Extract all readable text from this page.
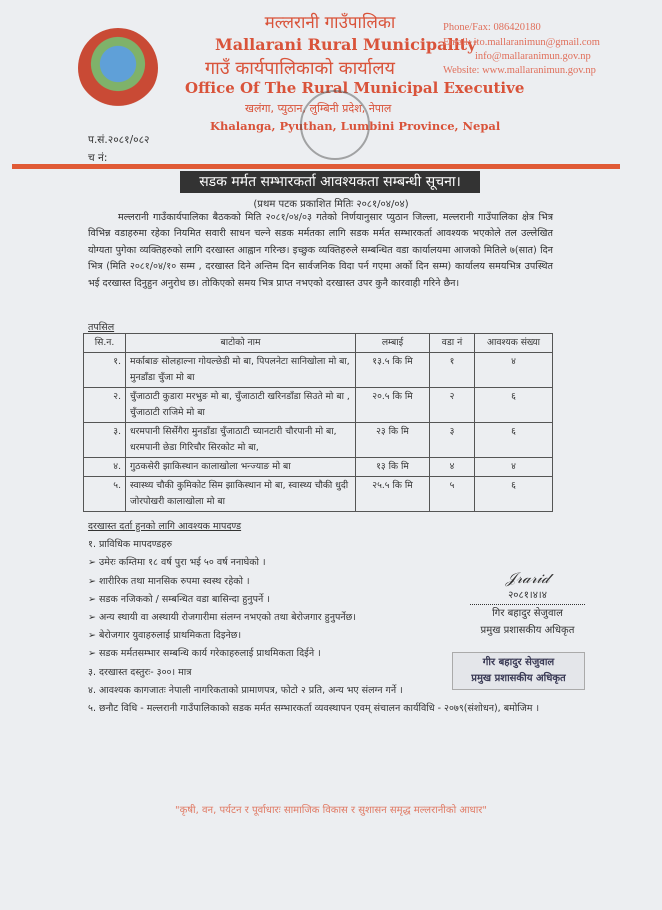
मल्लरानी गाउँपालिका
Mallarani Rural Municipality
गाउँ कार्यपालिकाको कार्यालय
Office Of The Rural Municipal Executive
खलंगा, प्युठान, लुम्बिनी प्रदेश, नेपाल
Khalanga, Pyuthan, Lumbini Province, Nepal
Phone/Fax: 086420180
Email: ito.mallaranimun@gmail.com
info@mallaranimun.gov.np
Website: www.mallaranimun.gov.np
प.सं.२०८१/०८२
च नं:
सडक मर्मत सम्भारकर्ता आवश्यकता सम्बन्धी सूचना।
(प्रथम पटक प्रकाशित मितिः २०८१/०४/०४)
मल्लरानी गाउँकार्यपालिका बैठकको मिति २०८१/०४/०३ गतेको निर्णयानुसार प्युठान जिल्ला, मल्लरानी गाउँपालिका क्षेत्र भित्र विभिन्न वडाहरुमा रहेका नियमित सवारी साधन चल्ने सडक मर्मतका लागि सडक मर्मत सम्भारकर्ता आवश्यक भएकोले तल उल्लेखित योग्यता पुगेका व्यक्तिहरुको लागि दरखास्त आह्वान गरिन्छ। इच्छुक व्यक्तिहरुले सम्बन्धित वडा कार्यालयमा आजको मितिले ७(सात) दिन भित्र (मिति २०८१/०४/१० सम्म , दरखास्त दिने अन्तिम दिन सार्वजनिक विदा पर्न गएमा अर्को दिन सम्म) कार्यालय समयभित्र उपस्थित भई दरखास्त दिनुहुन अनुरोध छ। तोकिएको समय भित्र प्राप्त नभएको दरखास्त उपर कुनै कारवाही गरिने छैन।
तपसिल
सि.न.	बाटोको नाम	लम्बाई	वडा नं	आवश्यक संख्या
१.	मर्काबाङ सोलहाल्ना गोयल्छेडी मो बा, पिपलनेटा सानिखोला मो बा, मुनडाँडा चुँजा मो बा	१३.५ कि मि	१	४
२.	चुँजाठाटी कुडारा मरभुङ मो बा, चुँजाठाटी खरिनडाँडा सिउते मो बा , चुँजाठाटी राजिमे मो बा	२०.५ कि मि	२	६
३.	धरमपानी सिर्सेगैरा मुनडाँडा चुँजाठाटी च्यानटारी चौरपानी मो बा, धरमपानी छेडा गिरिचौर सिरकोट मो बा,	२३ कि मि	३	६
४.	गुठकसेरी झाकिस्थान कालाखोला भन्ज्याङ मो बा	१३ कि मि	४	४
५.	स्वास्थ्य चौकी कुमिकोट सिम झाकिस्थान मो बा, स्वास्थ्य चौकी धुदी जोरपोखरी कालाखोला मो बा	२५.५ कि मि	५	६
दरखास्त दर्ता हुनको लागि आवश्यक मापदण्ड
१. प्राविधिक मापदण्डहरु
➢ उमेरः कम्तिमा १८ वर्ष पुरा भई ५० वर्ष ननाघेको ।
➢ शारीरिक तथा मानसिक रुपमा स्वस्थ रहेको ।
➢ सडक नजिकको / सम्बन्धित वडा बासिन्दा हुनुपर्ने ।
➢ अन्य स्थायी वा अस्थायी रोजगारीमा संलग्न नभएको तथा बेरोजगार हुनुपर्नेछ।
➢ बेरोजगार युवाहरुलाई प्राथमिकता दिइनेछ।
➢ सडक मर्मतसम्भार सम्बन्धि कार्य गरेकाहरुलाई प्राथमिकता दिईने ।
३. दरखास्त दस्तुरः- ३००। मात्र
४. आवश्यक कागजातः नेपाली नागरिकताको प्रामाणपत्र, फोटो २ प्रति, अन्य भए संलग्न गर्ने ।
५. छनौट विधि - मल्लरानी गाउँपालिकाको सडक मर्मत सम्भारकर्ता व्यवस्थापन एवम् संचालन कार्यविधि - २०७९(संशोधन), बमोजिम ।
𝒥𝓇𝒶𝓇𝒾𝒹
२०८१।४।४
गिर बहादुर सेजुवाल
प्रमुख प्रशासकीय अधिकृत
गीर बहादुर सेजुवाल
प्रमुख प्रशासकीय अधिकृत
"कृषी, वन, पर्यटन र पूर्वाधारः सामाजिक विकास र सुशासन समृद्ध मल्लरानीको आधार"
